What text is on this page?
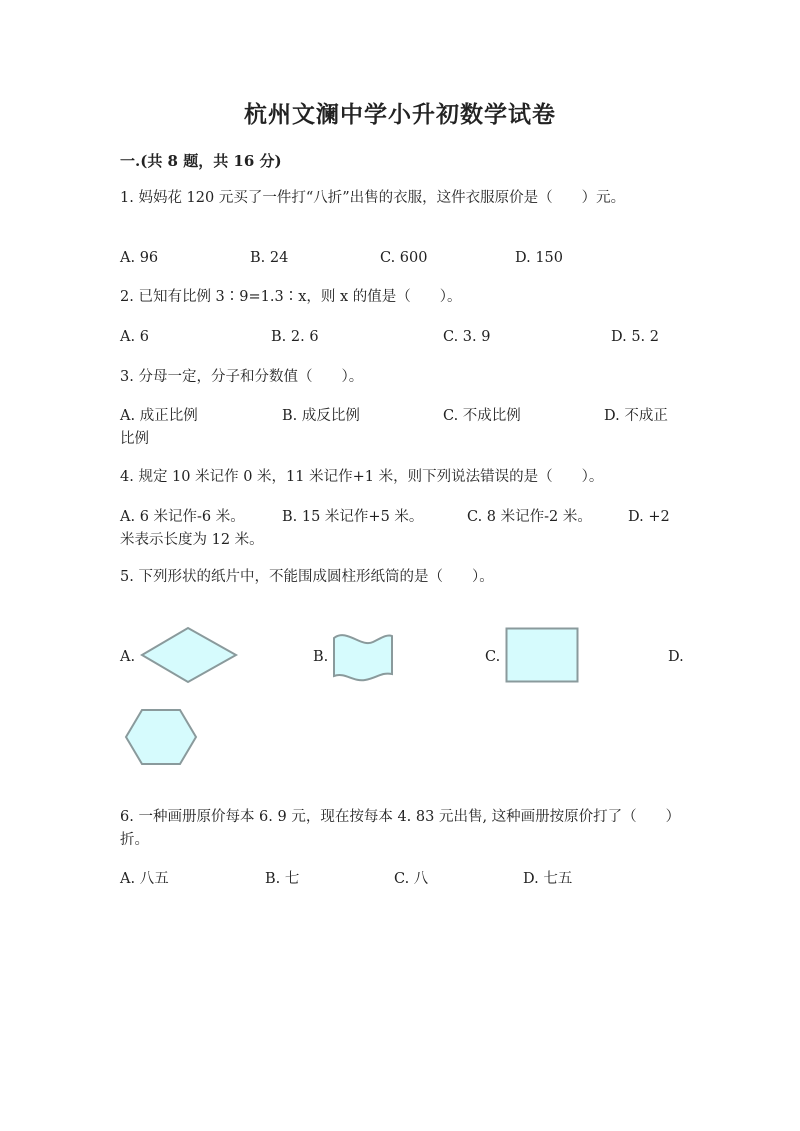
杭州文澜中学小升初数学试卷
一.(共 8 题，共 16 分)
1. 妈妈花 120 元买了一件打“八折”出售的衣服，这件衣服原价是（　　）元。
A. 96	B. 24	C. 600	D. 150
2. 已知有比例 3∶9=1.3∶x，则 x 的值是（　　）。
A. 6	B. 2. 6	C. 3. 9	D. 5. 2
3. 分母一定，分子和分数值（　　）。
A. 成正比例	B. 成反比例	C. 不成比例	D. 不成正比例
4. 规定 10 米记作 0 米，11 米记作+1 米，则下列说法错误的是（　　）。
A. 6 米记作-6 米。	B. 15 米记作+5 米。	C. 8 米记作-2 米。	D. +2 米表示长度为 12 米。
5. 下列形状的纸片中，不能围成圆柱形纸筒的是（　　）。
A.	B.	C.	D.
6. 一种画册原价每本 6. 9 元，现在按每本 4. 83 元出售, 这种画册按原价打了（　　）折。
A. 八五	B. 七	C. 八	D. 七五
